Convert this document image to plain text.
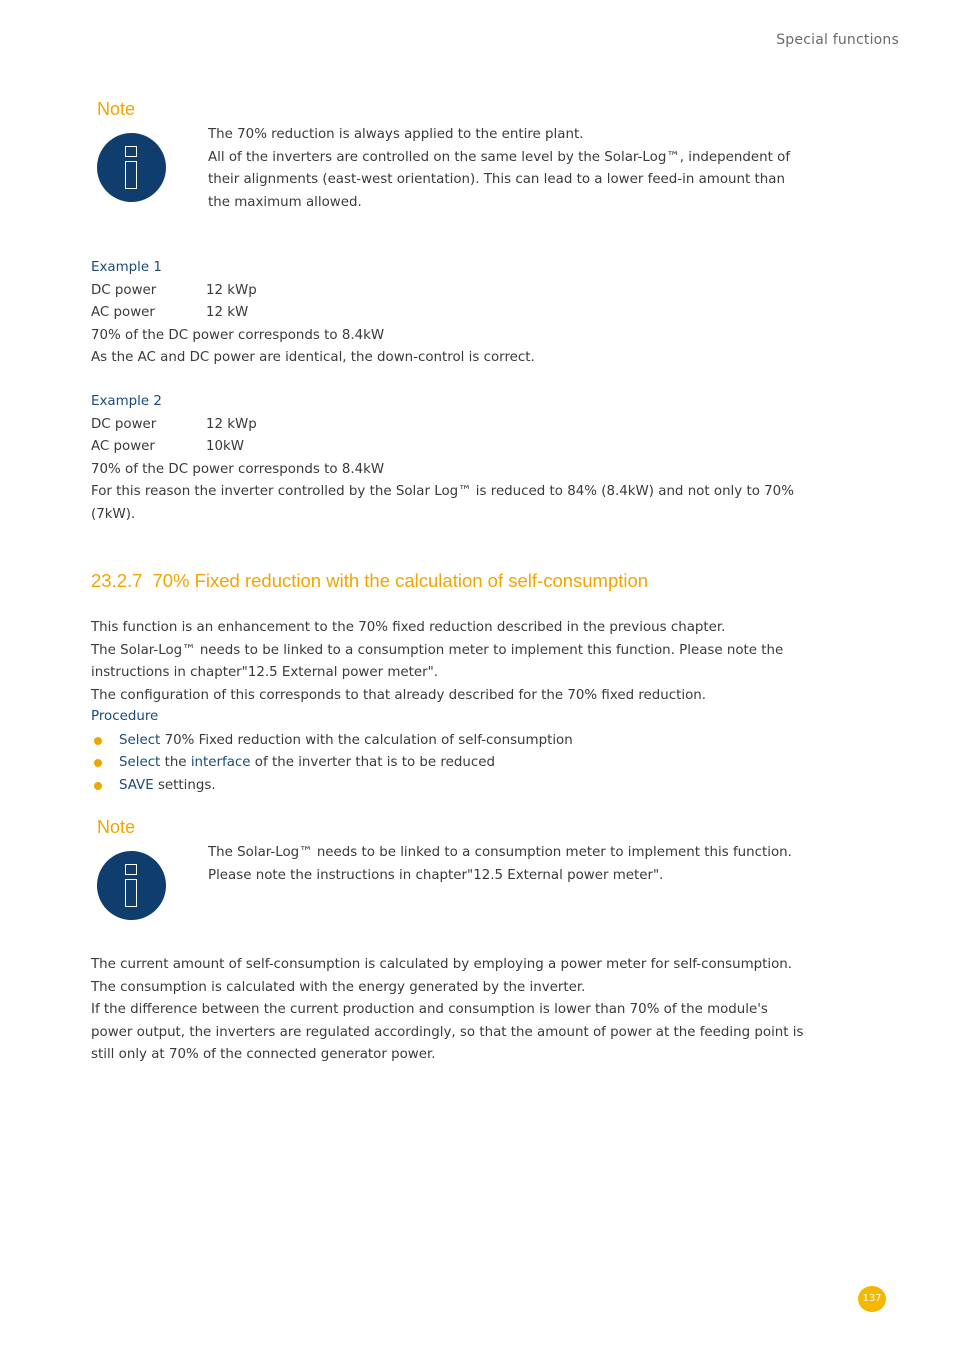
Special functions
Note
The 70% reduction is always applied to the entire plant.
All of the inverters are controlled on the same level by the Solar-Log™, independent of
their alignments (east-west orientation). This can lead to a lower feed-in amount than
the maximum allowed.
Example 1
DC power	12 kWp
AC power	12 kW
70% of the DC power corresponds to 8.4kW
As the AC and DC power are identical, the down-control is correct.
Example 2
DC power	12 kWp
AC power	10kW
70% of the DC power corresponds to 8.4kW
For this reason the inverter controlled by the Solar Log™ is reduced to 84% (8.4kW) and not only to 70%
(7kW).
23.2.7 70% Fixed reduction with the calculation of self-consumption
This function is an enhancement to the 70% fixed reduction described in the previous chapter.
The Solar-Log™ needs to be linked to a consumption meter to implement this function. Please note the
instructions in chapter"12.5 External power meter".
The configuration of this corresponds to that already described for the 70% fixed reduction.
Procedure
Select 70% Fixed reduction with the calculation of self-consumption
Select the interface of the inverter that is to be reduced
SAVE settings.
Note
The Solar-Log™ needs to be linked to a consumption meter to implement this function.
Please note the instructions in chapter"12.5 External power meter".
The current amount of self-consumption is calculated by employing a power meter for self-consumption.
The consumption is calculated with the energy generated by the inverter.
If the difference between the current production and consumption is lower than 70% of the module's
power output, the inverters are regulated accordingly, so that the amount of power at the feeding point is
still only at 70% of the connected generator power.
137
